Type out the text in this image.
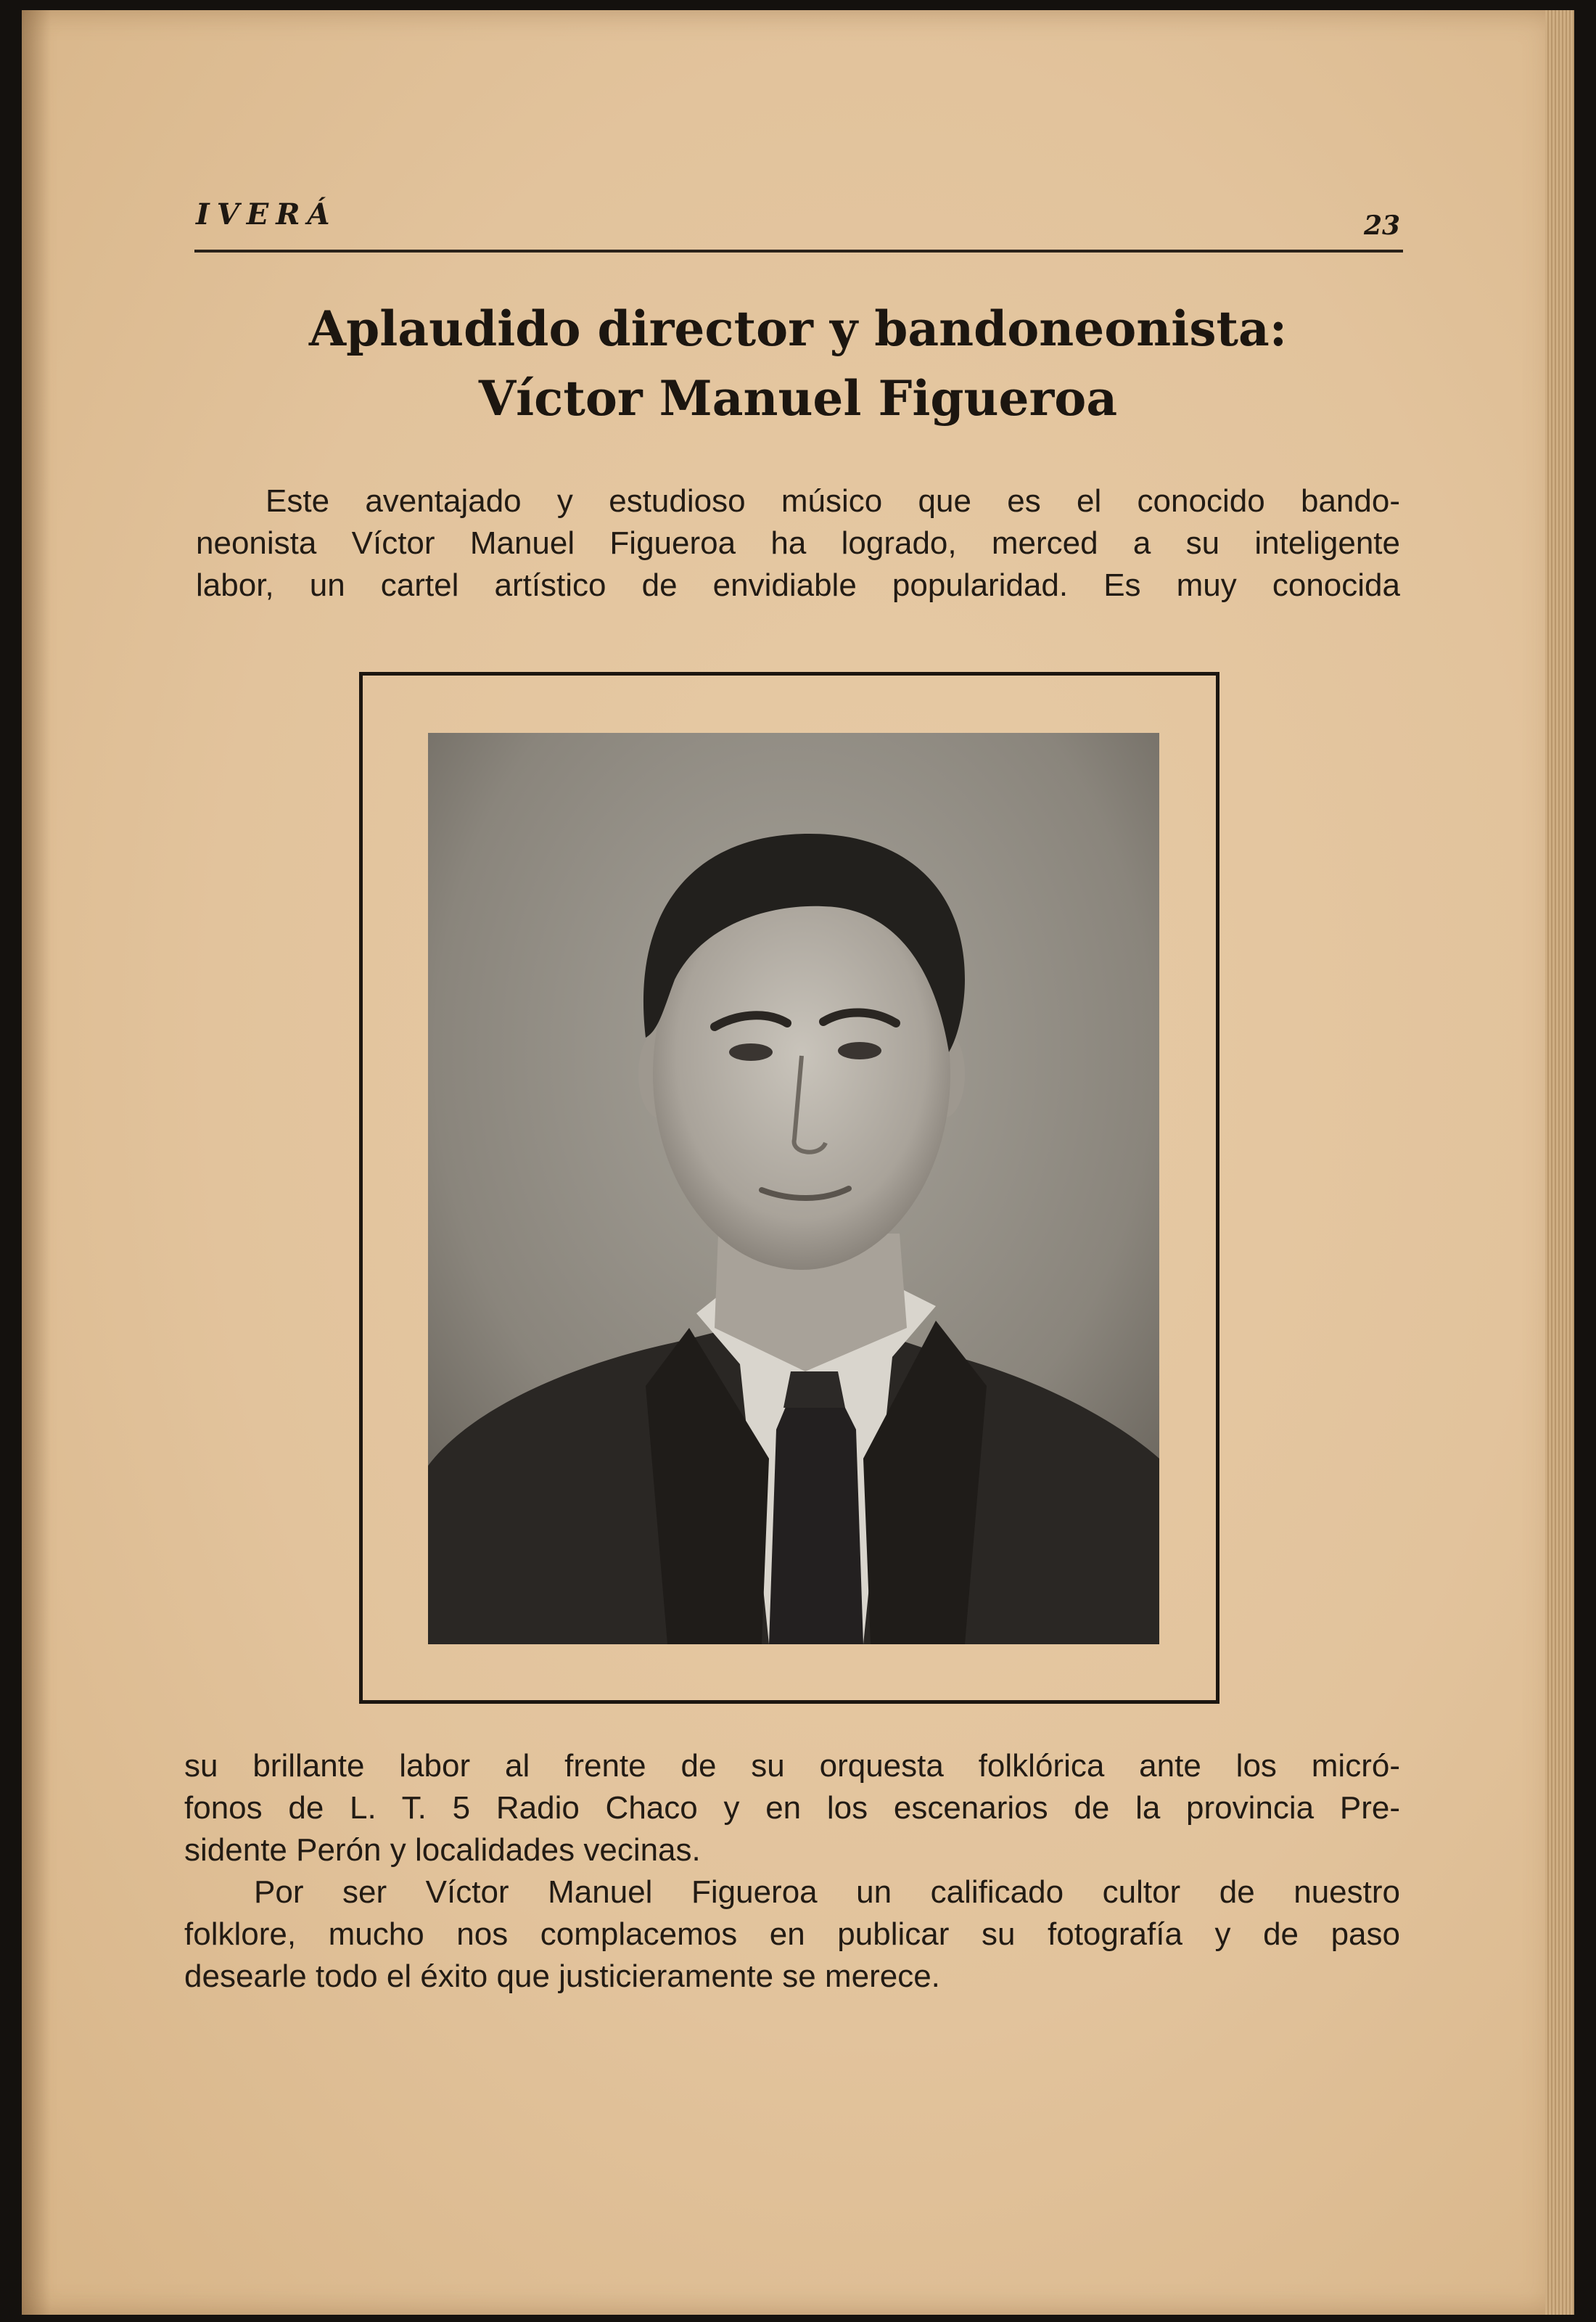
IVERÁ	23
Aplaudido director y bandoneonista:
Víctor Manuel Figueroa
Este aventajado y estudioso músico que es el conocido bando-
neonista Víctor Manuel Figueroa ha logrado, merced a su inteligente
labor, un cartel artístico de envidiable popularidad. Es muy conocida
su brillante labor al frente de su orquesta folklórica ante los micró-
fonos de L. T. 5 Radio Chaco y en los escenarios de la provincia Pre-
sidente Perón y localidades vecinas.
Por ser Víctor Manuel Figueroa un calificado cultor de nuestro
folklore, mucho nos complacemos en publicar su fotografía y de paso
desearle todo el éxito que justicieramente se merece.
